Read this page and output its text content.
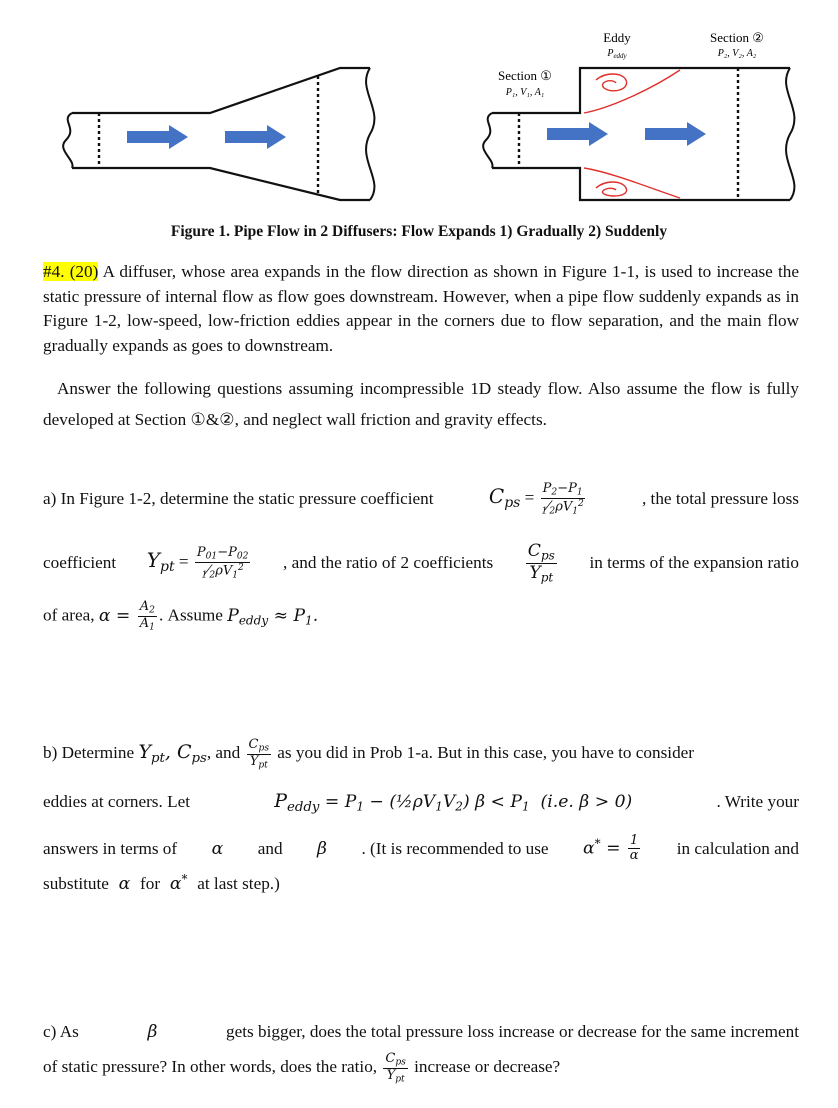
Eddy
$P_{eddy}$
Section ①
P₁, V₁, A₁
Section ②
P₂, V₂, A₂
Figure 1. Pipe Flow in 2 Diffusers: Flow Expands 1) Gradually 2) Suddenly
#4. (20) A diffuser, whose area expands in the flow direction as shown in Figure 1-1, is used to increase the static pressure of internal flow as flow goes downstream. However, when a pipe flow suddenly expands as in Figure 1-2, low-speed, low-friction eddies appear in the corners due to flow separation, and the main flow gradually expands as goes to downstream.
Answer the following questions assuming incompressible 1D steady flow. Also assume the flow is fully developed at Section ①&②, and neglect wall friction and gravity effects.
a) In Figure 1-2, determine the static pressure coefficient	$C_{ps} = \frac{P_2-P_1}{_1⁄_2\rho V_1^2}$	, the total pressure loss
coefficient $Y_{pt} = \frac{P_{01}-P_{02}}{_1⁄_2\rho V_1^2}$ , and the ratio of 2 coefficients
$C_{ps}$
$Y_{pt}$
in terms of the expansion ratio
of area, $\alpha = \frac{A_2}{A_1}$ . Assume $P_{eddy} \approx P_1$.
b) Determine $Y_{pt}$, $C_{ps}$, and $C_{ps}$
$Y_{pt}$
as you did in Prob 1-a. But in this case, you have to consider
eddies at corners. Let	$P_{eddy} = P_1$ − $(\frac{1}{2}\rho V_1V_2) \beta < P_1$  (i.e. β > 0)	. Write your
answers in terms of α and β . (It is recommended to use $\alpha^* = \frac{1}{\alpha}$ in calculation and
substitute  α  for  α* at last step.)
c) As	β	gets bigger, does the total pressure loss increase or decrease for the same increment
of static pressure? In other words, does the ratio, $C_{ps}$
$Y_{pt}$
increase or decrease?
